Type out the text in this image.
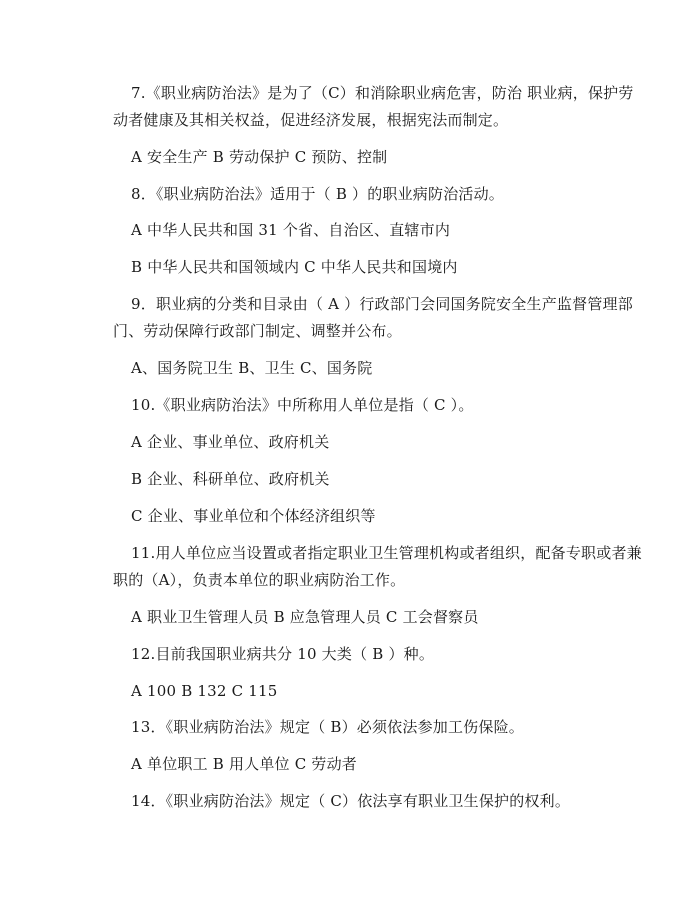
7.《职业病防治法》是为了（C）和消除职业病危害，防治 职业病，保护劳
动者健康及其相关权益，促进经济发展，根据宪法而制定。
A 安全生产 B 劳动保护 C 预防、控制
8．《职业病防治法》适用于（ B ）的职业病防治活动。
A 中华人民共和国 31 个省、自治区、直辖市内
B 中华人民共和国领域内 C 中华人民共和国境内
9．职业病的分类和目录由（ A ）行政部门会同国务院安全生产监督管理部
门、劳动保障行政部门制定、调整并公布。
A、国务院卫生 B、卫生 C、国务院
10.《职业病防治法》中所称用人单位是指（ C ）。
A 企业、事业单位、政府机关
B 企业、科研单位、政府机关
C 企业、事业单位和个体经济组织等
11.用人单位应当设置或者指定职业卫生管理机构或者组织，配备专职或者兼
职的（A），负责本单位的职业病防治工作。
A 职业卫生管理人员 B 应急管理人员 C 工会督察员
12.目前我国职业病共分 10 大类（ B ）种。
A 100 B 132 C 115
13．《职业病防治法》规定（ B）必须依法参加工伤保险。
A 单位职工 B 用人单位 C 劳动者
14．《职业病防治法》规定（ C）依法享有职业卫生保护的权利。
